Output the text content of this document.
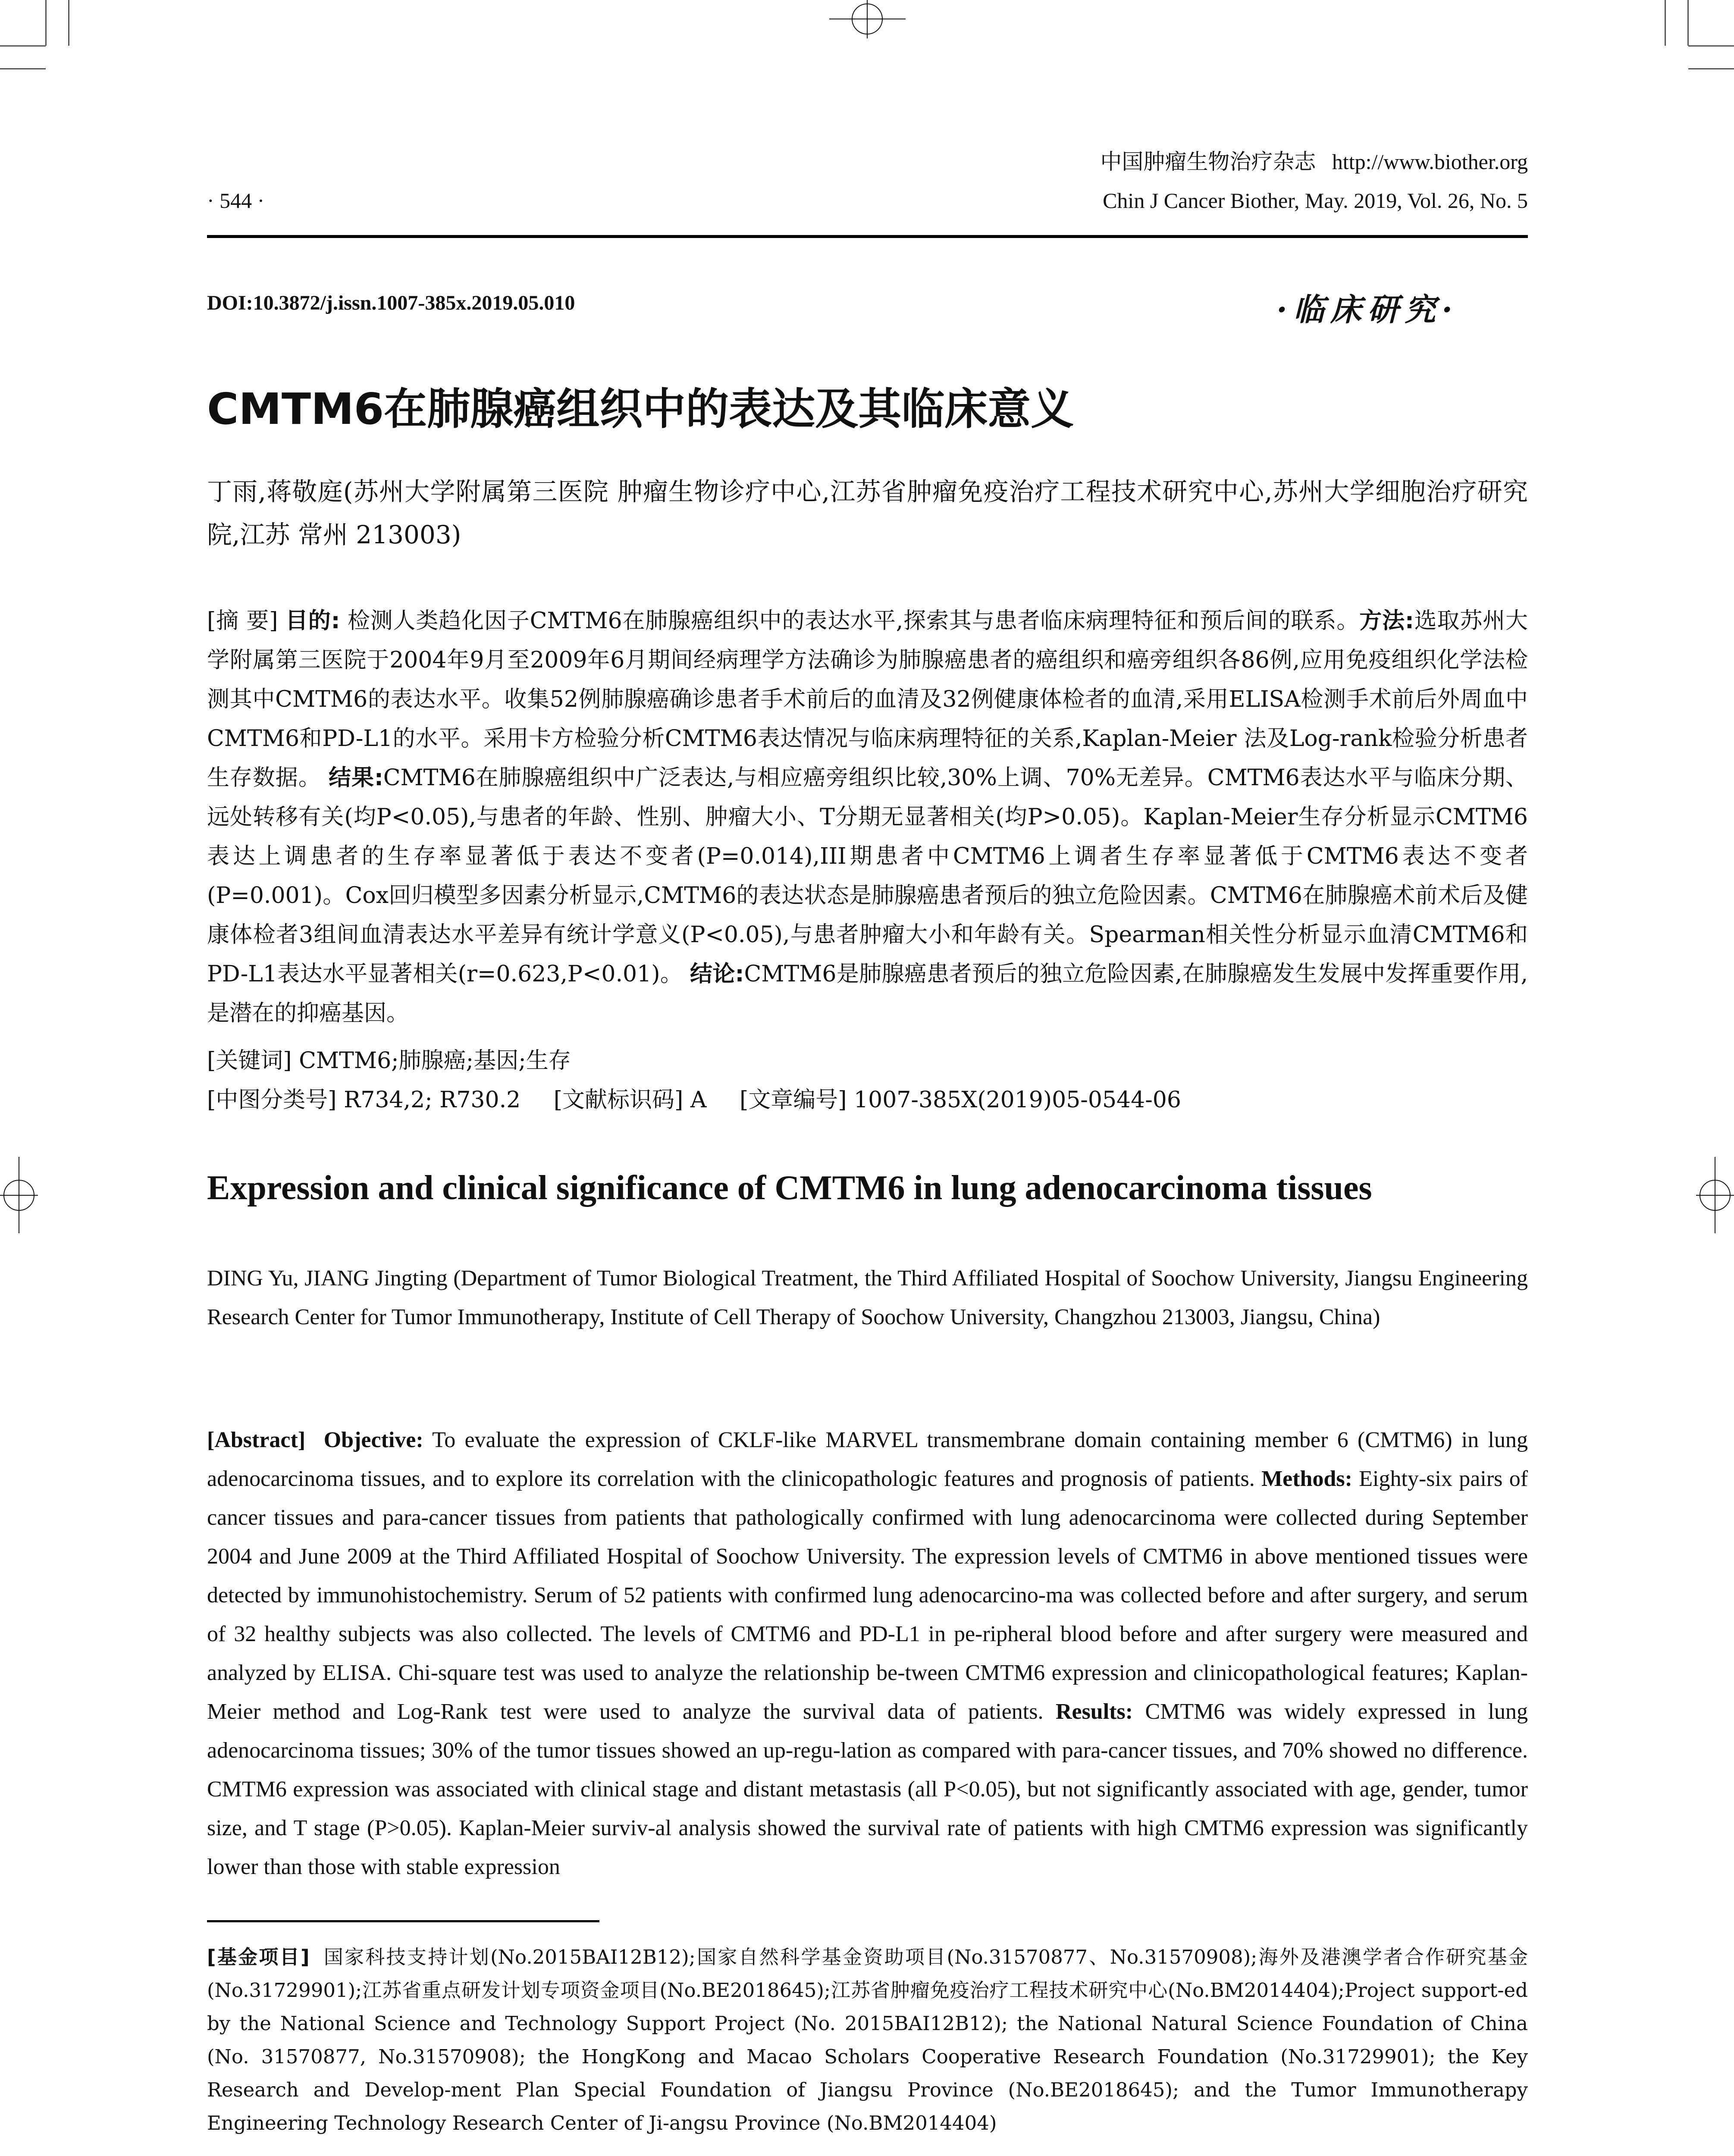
· 544 ·
中国肿瘤生物治疗杂志 http://www.biother.org
Chin J Cancer Biother, May. 2019, Vol. 26, No. 5
DOI:10.3872/j.issn.1007-385x.2019.05.010	·临床研究·
CMTM6在肺腺癌组织中的表达及其临床意义
丁雨,蒋敬庭(苏州大学附属第三医院 肿瘤生物诊疗中心,江苏省肿瘤免疫治疗工程技术研究中心,苏州大学细胞治疗研究院,江苏 常州 213003)
[摘 要] 目的: 检测人类趋化因子CMTM6在肺腺癌组织中的表达水平,探索其与患者临床病理特征和预后间的联系。方法:选取苏州大学附属第三医院于2004年9月至2009年6月期间经病理学方法确诊为肺腺癌患者的癌组织和癌旁组织各86例,应用免疫组织化学法检测其中CMTM6的表达水平。收集52例肺腺癌确诊患者手术前后的血清及32例健康体检者的血清,采用ELISA检测手术前后外周血中CMTM6和PD-L1的水平。采用卡方检验分析CMTM6表达情况与临床病理特征的关系,Kaplan-Meier 法及Log-rank检验分析患者生存数据。 结果:CMTM6在肺腺癌组织中广泛表达,与相应癌旁组织比较,30%上调、70%无差异。CMTM6表达水平与临床分期、远处转移有关(均P<0.05),与患者的年龄、性别、肿瘤大小、T分期无显著相关(均P>0.05)。Kaplan-Meier生存分析显示CMTM6表达上调患者的生存率显著低于表达不变者(P=0.014),III期患者中CMTM6上调者生存率显著低于CMTM6表达不变者 (P=0.001)。Cox回归模型多因素分析显示,CMTM6的表达状态是肺腺癌患者预后的独立危险因素。CMTM6在肺腺癌术前术后及健康体检者3组间血清表达水平差异有统计学意义(P<0.05),与患者肿瘤大小和年龄有关。Spearman相关性分析显示血清CMTM6和PD-L1表达水平显著相关(r=0.623,P<0.01)。 结论:CMTM6是肺腺癌患者预后的独立危险因素,在肺腺癌发生发展中发挥重要作用,是潜在的抑癌基因。
[关键词] CMTM6;肺腺癌;基因;生存
[中图分类号] R734,2; R730.2 [文献标识码] A [文章编号] 1007-385X(2019)05-0544-06
Expression and clinical significance of CMTM6 in lung adenocarcinoma tissues
DING Yu, JIANG Jingting (Department of Tumor Biological Treatment, the Third Affiliated Hospital of Soochow University, Jiangsu Engineering Research Center for Tumor Immunotherapy, Institute of Cell Therapy of Soochow University, Changzhou 213003, Jiangsu, China)
[Abstract] Objective: To evaluate the expression of CKLF-like MARVEL transmembrane domain containing member 6 (CMTM6) in lung adenocarcinoma tissues, and to explore its correlation with the clinicopathologic features and prognosis of patients. Methods: Eighty-six pairs of cancer tissues and para-cancer tissues from patients that pathologically confirmed with lung adenocarcinoma were collected during September 2004 and June 2009 at the Third Affiliated Hospital of Soochow University. The expression levels of CMTM6 in above mentioned tissues were detected by immunohistochemistry. Serum of 52 patients with confirmed lung adenocarcino-ma was collected before and after surgery, and serum of 32 healthy subjects was also collected. The levels of CMTM6 and PD-L1 in pe-ripheral blood before and after surgery were measured and analyzed by ELISA. Chi-square test was used to analyze the relationship be-tween CMTM6 expression and clinicopathological features; Kaplan-Meier method and Log-Rank test were used to analyze the survival data of patients. Results: CMTM6 was widely expressed in lung adenocarcinoma tissues; 30% of the tumor tissues showed an up-regu-lation as compared with para-cancer tissues, and 70% showed no difference. CMTM6 expression was associated with clinical stage and distant metastasis (all P<0.05), but not significantly associated with age, gender, tumor size, and T stage (P>0.05). Kaplan-Meier surviv-al analysis showed the survival rate of patients with high CMTM6 expression was significantly lower than those with stable expression
[基金项目] 国家科技支持计划(No.2015BAI12B12);国家自然科学基金资助项目(No.31570877、No.31570908);海外及港澳学者合作研究基金(No.31729901);江苏省重点研发计划专项资金项目(No.BE2018645);江苏省肿瘤免疫治疗工程技术研究中心(No.BM2014404);Project support-ed by the National Science and Technology Support Project (No. 2015BAI12B12); the National Natural Science Foundation of China (No. 31570877, No.31570908); the HongKong and Macao Scholars Cooperative Research Foundation (No.31729901); the Key Research and Develop-ment Plan Special Foundation of Jiangsu Province (No.BE2018645); and the Tumor Immunotherapy Engineering Technology Research Center of Ji-angsu Province (No.BM2014404)
